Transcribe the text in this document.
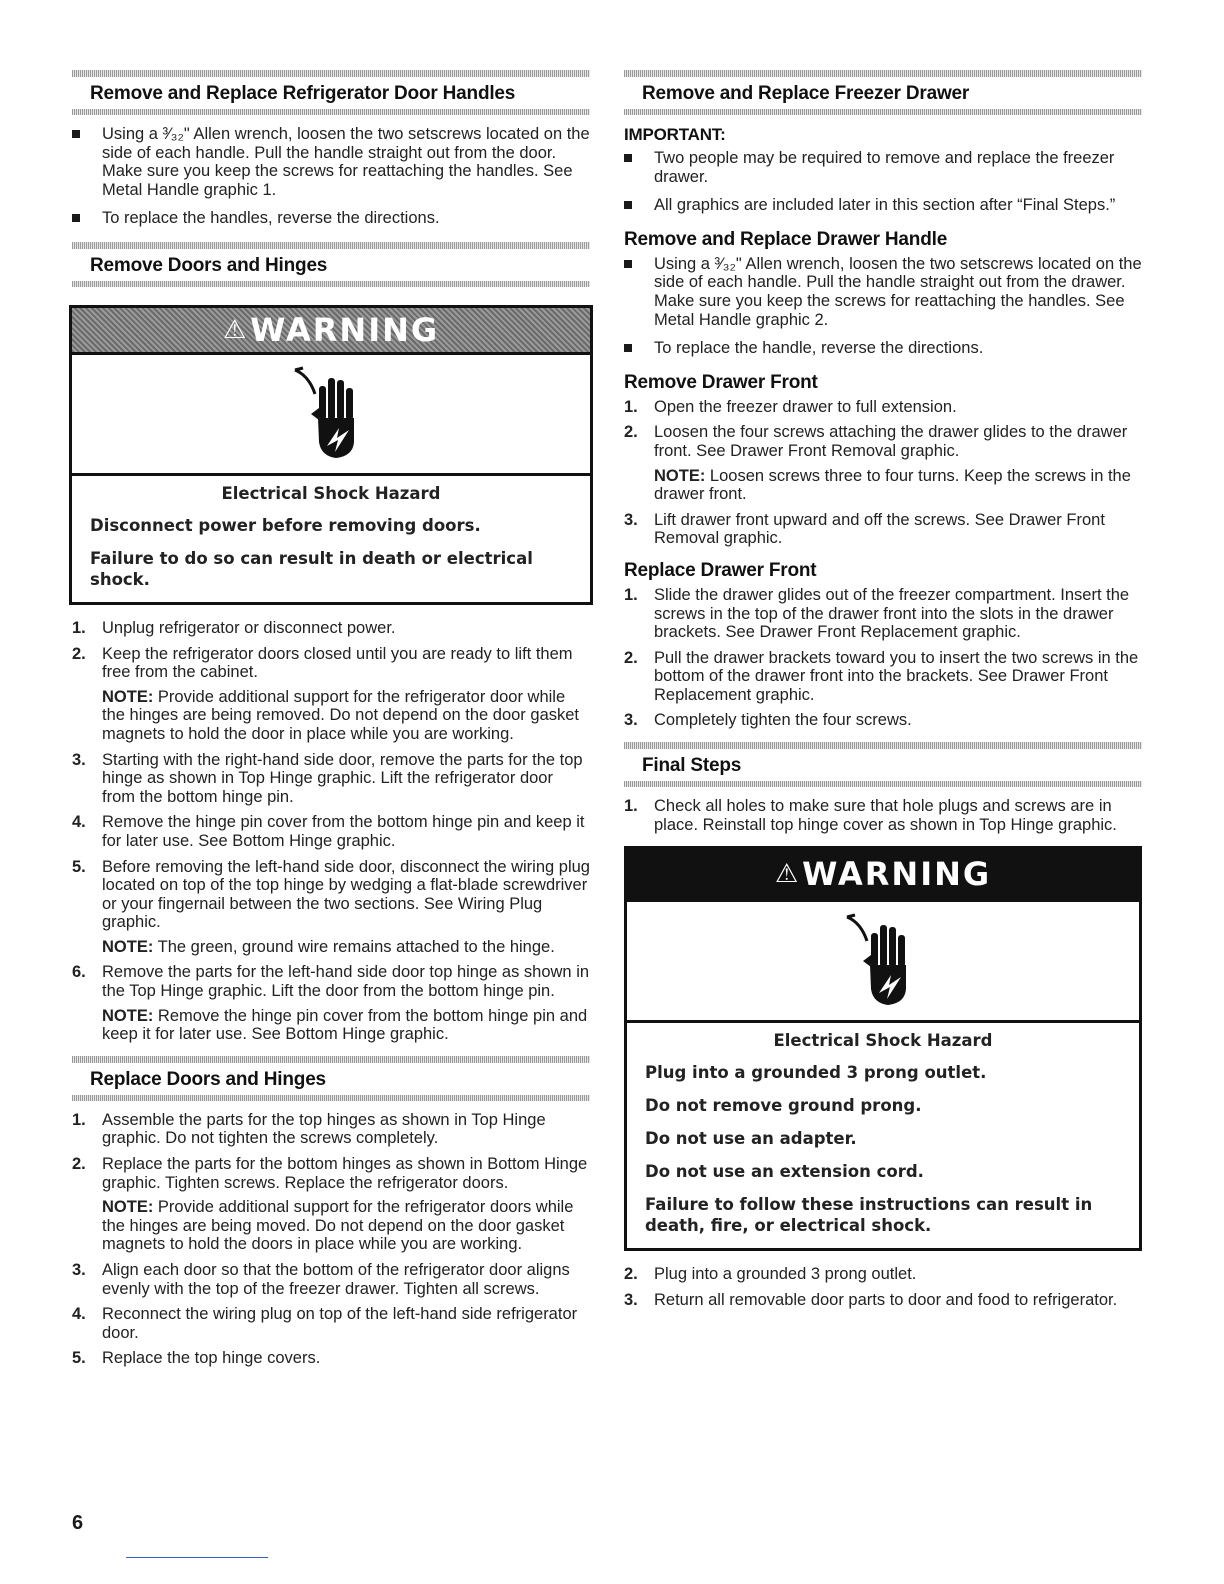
Remove and Replace Refrigerator Door Handles
Using a ³⁄₃₂" Allen wrench, loosen the two setscrews located on the side of each handle. Pull the handle straight out from the door. Make sure you keep the screws for reattaching the handles. See Metal Handle graphic 1.
To replace the handles, reverse the directions.
Remove Doors and Hinges
⚠ WARNING
Electrical Shock Hazard
Disconnect power before removing doors.
Failure to do so can result in death or electrical shock.
1. Unplug refrigerator or disconnect power.
2. Keep the refrigerator doors closed until you are ready to lift them free from the cabinet.
NOTE: Provide additional support for the refrigerator door while the hinges are being removed. Do not depend on the door gasket magnets to hold the door in place while you are working.
3. Starting with the right-hand side door, remove the parts for the top hinge as shown in Top Hinge graphic. Lift the refrigerator door from the bottom hinge pin.
4. Remove the hinge pin cover from the bottom hinge pin and keep it for later use. See Bottom Hinge graphic.
5. Before removing the left-hand side door, disconnect the wiring plug located on top of the top hinge by wedging a flat-blade screwdriver or your fingernail between the two sections. See Wiring Plug graphic.
NOTE: The green, ground wire remains attached to the hinge.
6. Remove the parts for the left-hand side door top hinge as shown in the Top Hinge graphic. Lift the door from the bottom hinge pin.
NOTE: Remove the hinge pin cover from the bottom hinge pin and keep it for later use. See Bottom Hinge graphic.
Replace Doors and Hinges
1. Assemble the parts for the top hinges as shown in Top Hinge graphic. Do not tighten the screws completely.
2. Replace the parts for the bottom hinges as shown in Bottom Hinge graphic. Tighten screws. Replace the refrigerator doors.
NOTE: Provide additional support for the refrigerator doors while the hinges are being moved. Do not depend on the door gasket magnets to hold the doors in place while you are working.
3. Align each door so that the bottom of the refrigerator door aligns evenly with the top of the freezer drawer. Tighten all screws.
4. Reconnect the wiring plug on top of the left-hand side refrigerator door.
5. Replace the top hinge covers.
Remove and Replace Freezer Drawer
IMPORTANT:
Two people may be required to remove and replace the freezer drawer.
All graphics are included later in this section after “Final Steps.”
Remove and Replace Drawer Handle
Using a ³⁄₃₂" Allen wrench, loosen the two setscrews located on the side of each handle. Pull the handle straight out from the drawer. Make sure you keep the screws for reattaching the handles. See Metal Handle graphic 2.
To replace the handle, reverse the directions.
Remove Drawer Front
1. Open the freezer drawer to full extension.
2. Loosen the four screws attaching the drawer glides to the drawer front. See Drawer Front Removal graphic.
NOTE: Loosen screws three to four turns. Keep the screws in the drawer front.
3. Lift drawer front upward and off the screws. See Drawer Front Removal graphic.
Replace Drawer Front
1. Slide the drawer glides out of the freezer compartment. Insert the screws in the top of the drawer front into the slots in the drawer brackets. See Drawer Front Replacement graphic.
2. Pull the drawer brackets toward you to insert the two screws in the bottom of the drawer front into the brackets. See Drawer Front Replacement graphic.
3. Completely tighten the four screws.
Final Steps
1. Check all holes to make sure that hole plugs and screws are in place. Reinstall top hinge cover as shown in Top Hinge graphic.
⚠ WARNING
Electrical Shock Hazard
Plug into a grounded 3 prong outlet.
Do not remove ground prong.
Do not use an adapter.
Do not use an extension cord.
Failure to follow these instructions can result in death, fire, or electrical shock.
2. Plug into a grounded 3 prong outlet.
3. Return all removable door parts to door and food to refrigerator.
6
